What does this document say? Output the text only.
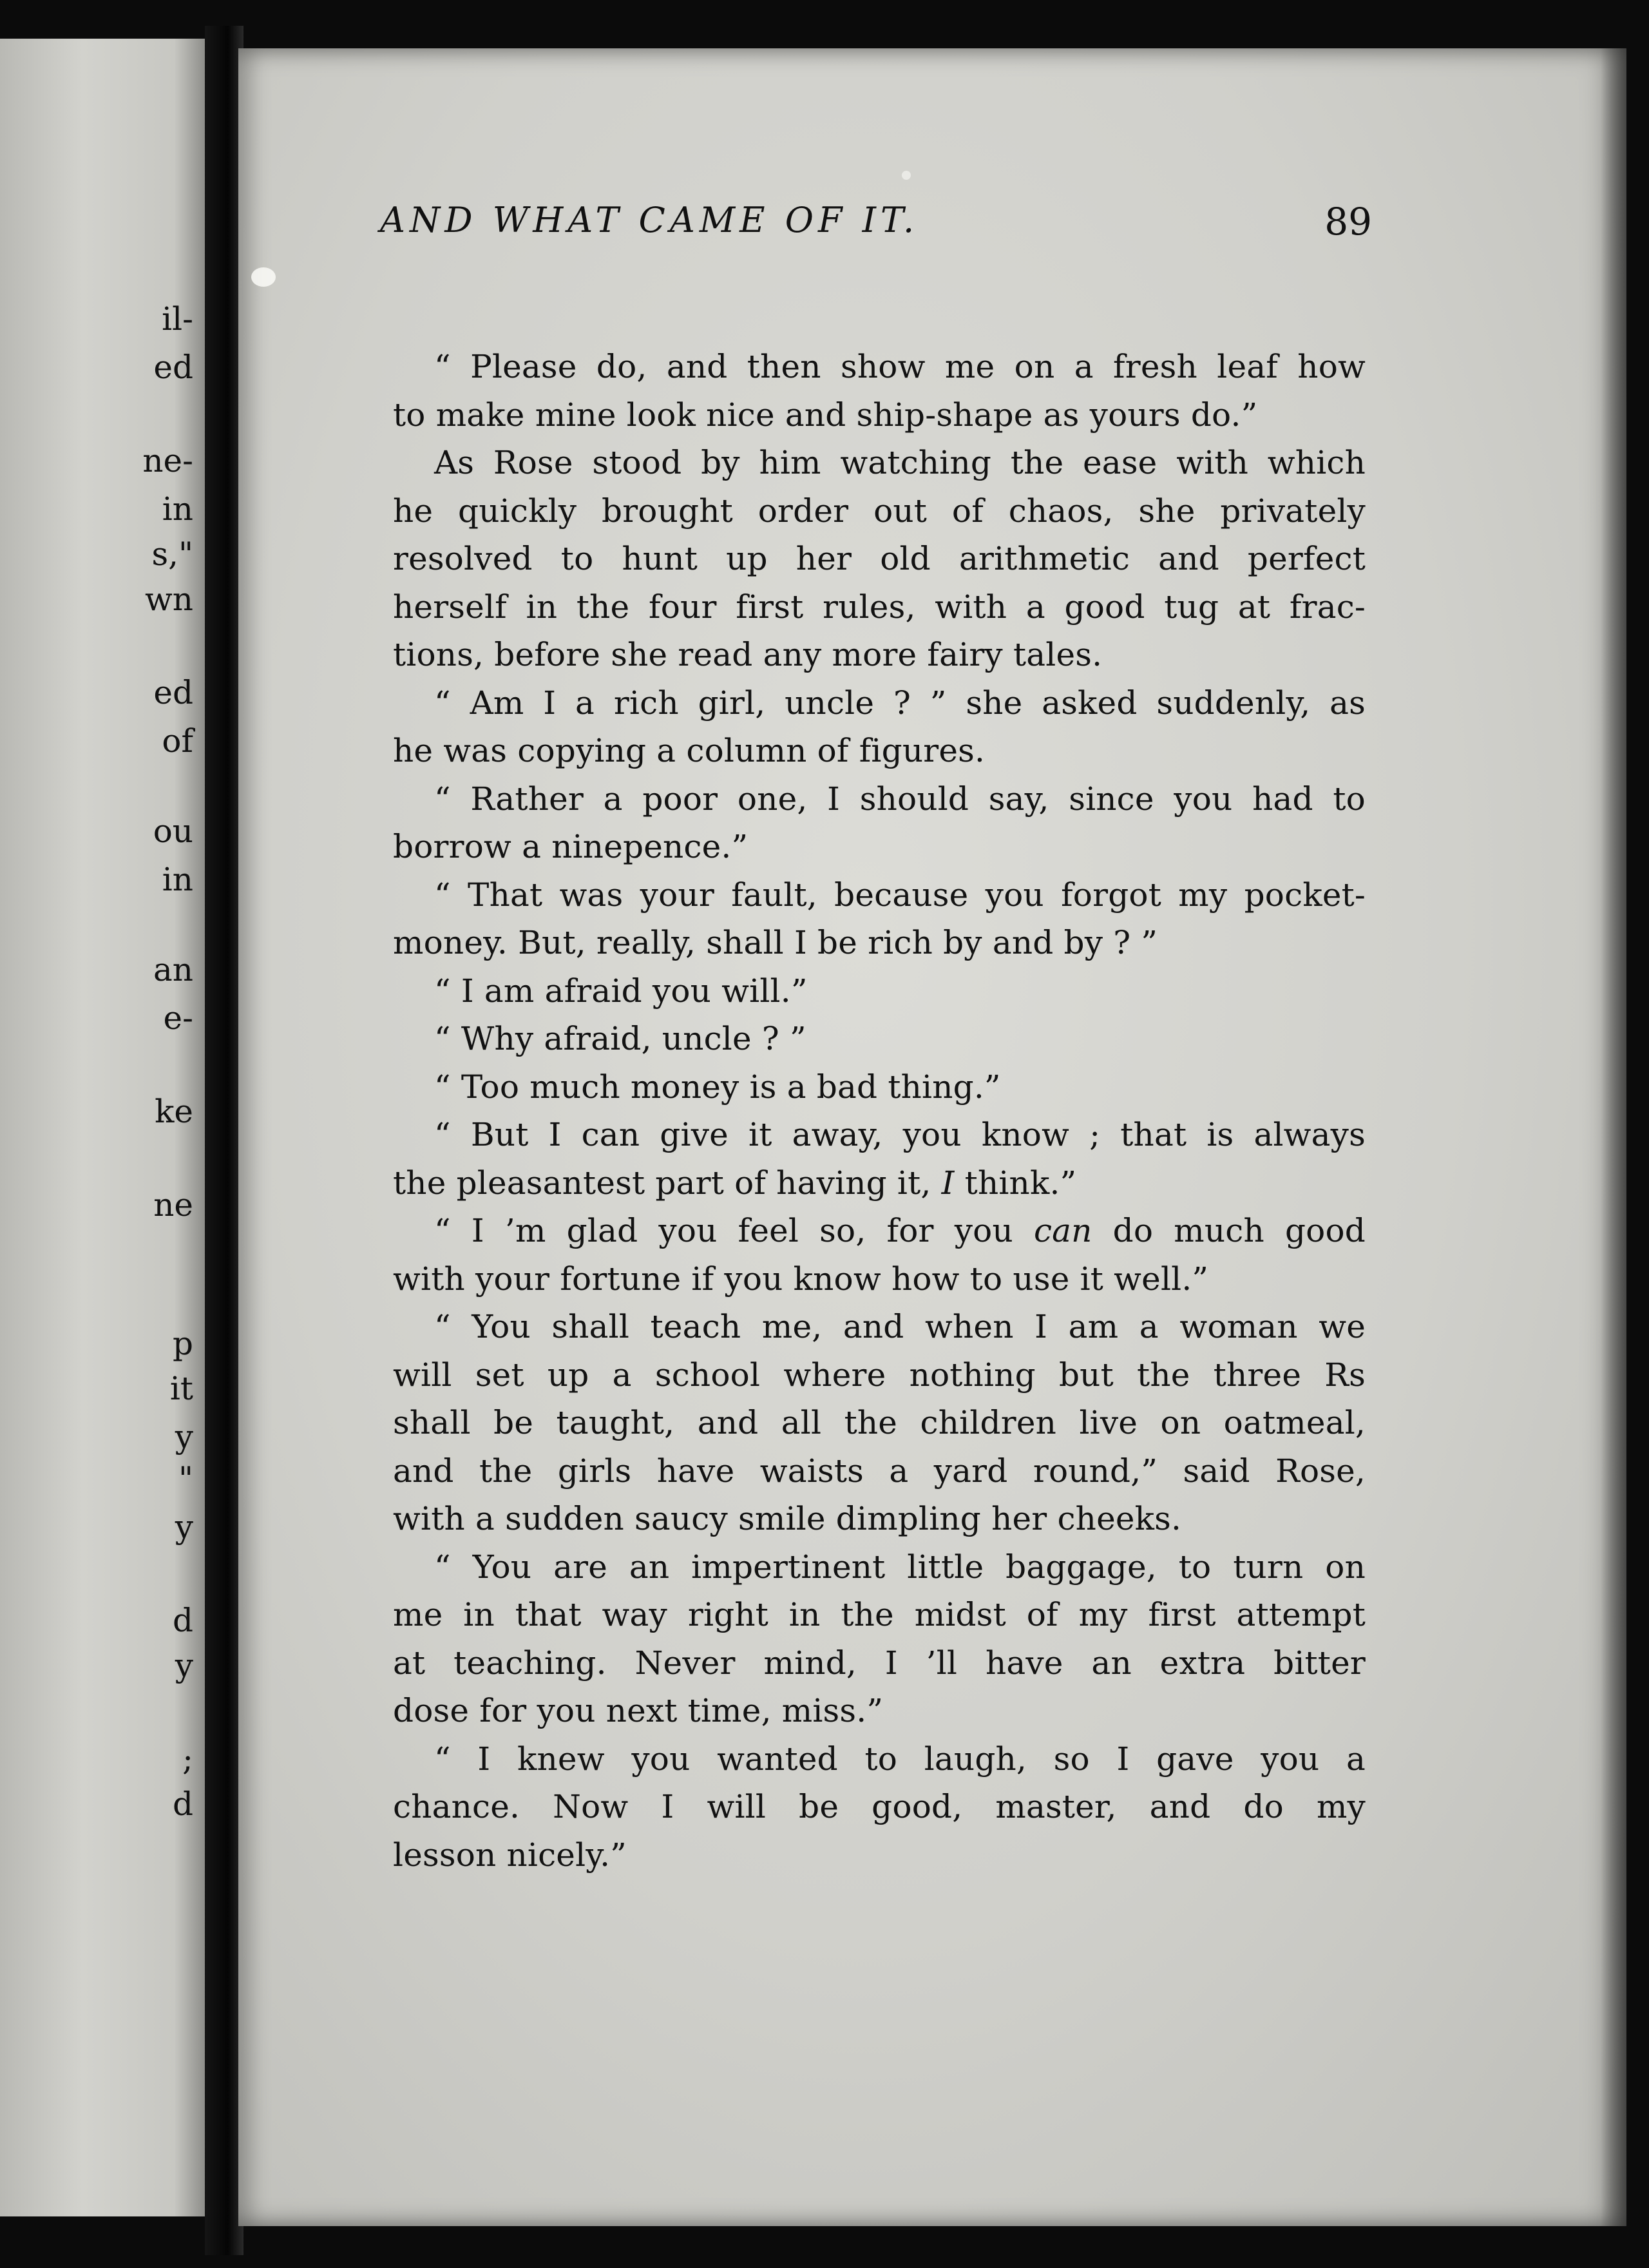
il-
ed
ne-
in
s,"
wn
ed
of
ou
in
an
e-
ke
ne
p
it
y
"
y
d
y
;
d
AND WHAT CAME OF IT.	89
“ Please do, and then show me on a fresh leaf how
to make mine look nice and ship-shape as yours do.”
As Rose stood by him watching the ease with which
he quickly brought order out of chaos, she privately
resolved to hunt up her old arithmetic and perfect
herself in the four first rules, with a good tug at frac-
tions, before she read any more fairy tales.
“ Am I a rich girl, uncle ? ” she asked suddenly, as
he was copying a column of figures.
“ Rather a poor one, I should say, since you had to
borrow a ninepence.”
“ That was your fault, because you forgot my pocket-
money. But, really, shall I be rich by and by ? ”
“ I am afraid you will.”
“ Why afraid, uncle ? ”
“ Too much money is a bad thing.”
“ But I can give it away, you know ; that is always
the pleasantest part of having it, I think.”
“ I ’m glad you feel so, for you can do much good
with your fortune if you know how to use it well.”
“ You shall teach me, and when I am a woman we
will set up a school where nothing but the three Rs
shall be taught, and all the children live on oatmeal,
and the girls have waists a yard round,” said Rose,
with a sudden saucy smile dimpling her cheeks.
“ You are an impertinent little baggage, to turn on
me in that way right in the midst of my first attempt
at teaching. Never mind, I ’ll have an extra bitter
dose for you next time, miss.”
“ I knew you wanted to laugh, so I gave you a
chance. Now I will be good, master, and do my
lesson nicely.”
